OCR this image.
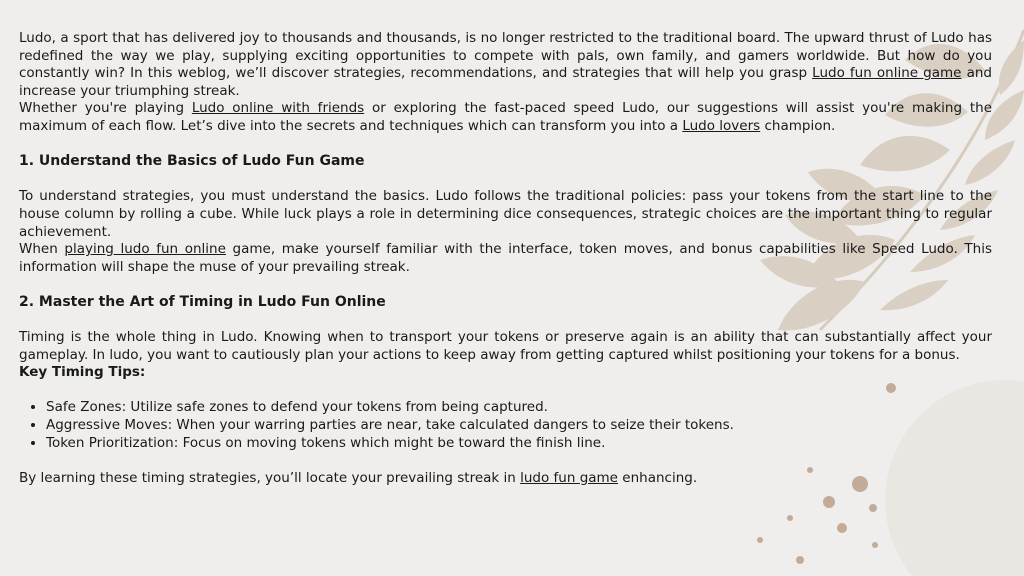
Ludo, a sport that has delivered joy to thousands and thousands, is no longer restricted to the traditional board. The upward thrust of Ludo has redefined the way we play, supplying exciting opportunities to compete with pals, own family, and gamers worldwide. But how do you constantly win? In this weblog, we’ll discover strategies, recommendations, and strategies that will help you grasp Ludo fun online game and increase your triumphing streak.

Whether you're playing Ludo online with friends or exploring the fast-paced speed Ludo, our suggestions will assist you're making the maximum of each flow. Let’s dive into the secrets and techniques which can transform you into a Ludo lovers champion.

1. Understand the Basics of Ludo Fun Game

To understand strategies, you must understand the basics. Ludo follows the traditional policies: pass your tokens from the start line to the house column by rolling a cube. While luck plays a role in determining dice consequences, strategic choices are the important thing to regular achievement.

When playing ludo fun online game, make yourself familiar with the interface, token moves, and bonus capabilities like Speed Ludo. This information will shape the muse of your prevailing streak.

2. Master the Art of Timing in Ludo Fun Online

Timing is the whole thing in Ludo. Knowing when to transport your tokens or preserve again is an ability that can substantially affect your gameplay. In ludo, you want to cautiously plan your actions to keep away from getting captured whilst positioning your tokens for a bonus.

Key Timing Tips:

• Safe Zones: Utilize safe zones to defend your tokens from being captured.
• Aggressive Moves: When your warring parties are near, take calculated dangers to seize their tokens.
• Token Prioritization: Focus on moving tokens which might be toward the finish line.

By learning these timing strategies, you’ll locate your prevailing streak in ludo fun game enhancing.
